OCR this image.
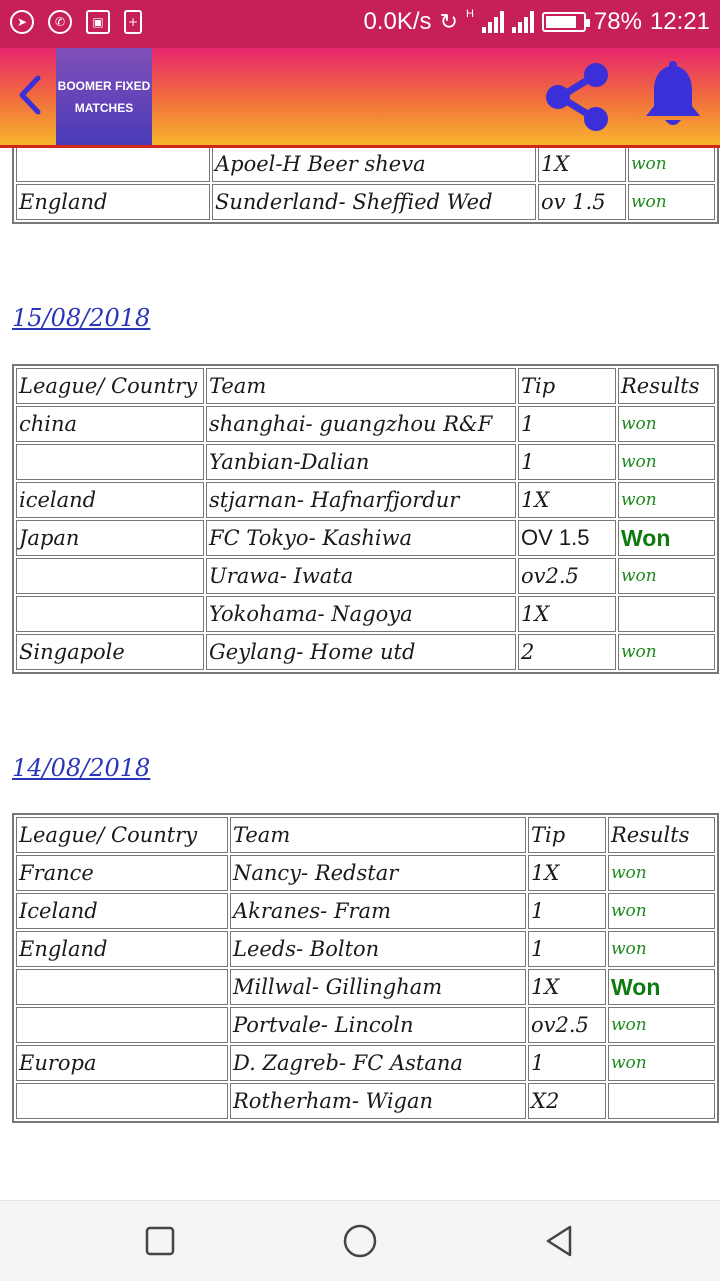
➤	✆	▣	+	0.0K/s ↻ H	78% 12:21
BOOMER FIXED MATCHES
	Apoel-H Beer sheva	1X	won
England	Sunderland- Sheffied Wed	ov 1.5	won
15/08/2018
League/ Country	Team	Tip	Results
china	shanghai- guangzhou R&F	1	won
	Yanbian-Dalian	1	won
iceland	stjarnan- Hafnarfjordur	1X	won
Japan	FC Tokyo- Kashiwa	OV 1.5	Won
	Urawa- Iwata	ov2.5	won
	Yokohama- Nagoya	1X	
Singapole	Geylang- Home utd	2	won
14/08/2018
League/ Country	Team	Tip	Results
France	Nancy- Redstar	1X	won
Iceland	Akranes- Fram	1	won
England	Leeds- Bolton	1	won
	Millwal- Gillingham	1X	Won
	Portvale- Lincoln	ov2.5	won
Europa	D. Zagreb- FC Astana	1	won
	Rotherham- Wigan	X2	
